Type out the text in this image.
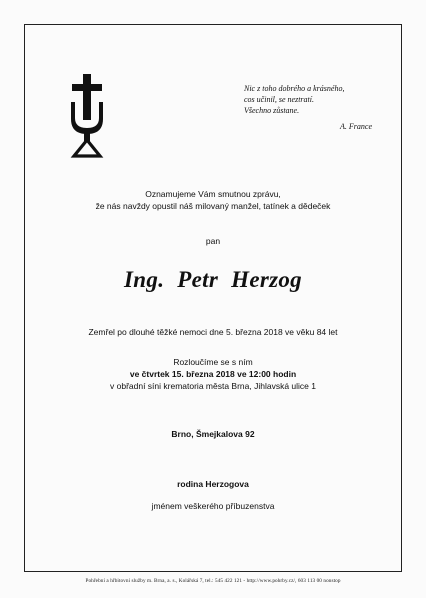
Nic z toho dobrého a krásného,
cos učinil, se neztratí.
Všechno zůstane.
A. France
Oznamujeme Vám smutnou zprávu,
že nás navždy opustil náš milovaný manžel, tatínek a dědeček
pan
Ing. Petr Herzog
Zemřel po dlouhé těžké nemoci dne 5. března 2018 ve věku 84 let
Rozloučíme se s ním
ve čtvrtek 15. března 2018 ve 12:00 hodin
v obřadní síni krematoria města Brna, Jihlavská ulice 1
Brno, Šmejkalova 92
rodina Herzogova
jménem veškerého příbuzenstva
Pohřební a hřbitovní služby m. Brna, a. s., Kolářská 7, tel.: 545 422 121 - http://www.pohrby.cz/, 603 113 00 nonstop
